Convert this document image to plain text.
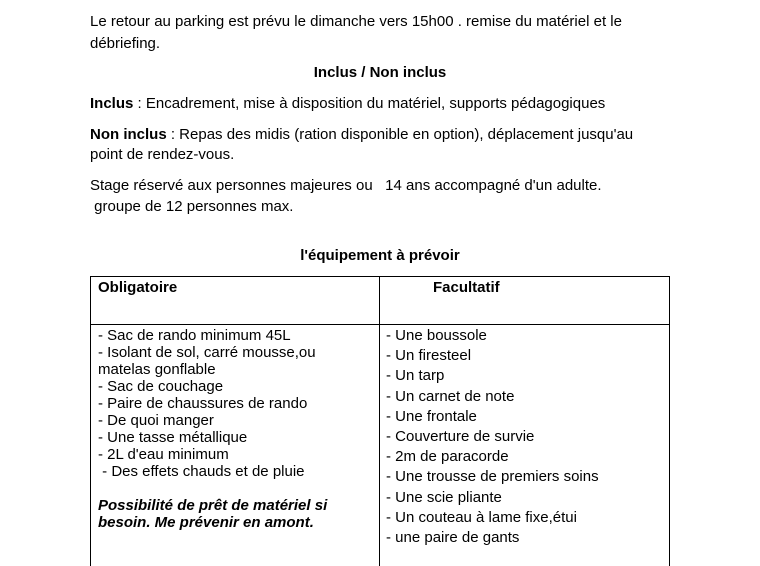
Le retour au parking est prévu le dimanche vers 15h00 . remise du matériel et le
débriefing.
Inclus / Non inclus
Inclus : Encadrement, mise à disposition du matériel, supports pédagogiques
Non inclus : Repas des midis (ration disponible en option), déplacement jusqu'au
point de rendez-vous.
Stage réservé aux personnes majeures ou   14 ans accompagné d'un adulte.
groupe de 12 personnes max.
l'équipement à prévoir
Obligatoire	Facultatif
- Sac de rando minimum 45L
- Isolant de sol, carré mousse,ou
matelas gonflable
- Sac de couchage
- Paire de chaussures de rando
- De quoi manger
- Une tasse métallique
- 2L d'eau minimum
- Des effets chauds et de pluie
Possibilité de prêt de matériel si
besoin. Me prévenir en amont.
- Une boussole
- Un firesteel
- Un tarp
- Un carnet de note
- Une frontale
- Couverture de survie
- 2m de paracorde
- Une trousse de premiers soins
- Une scie pliante
- Un couteau à lame fixe,étui
- une paire de gants
